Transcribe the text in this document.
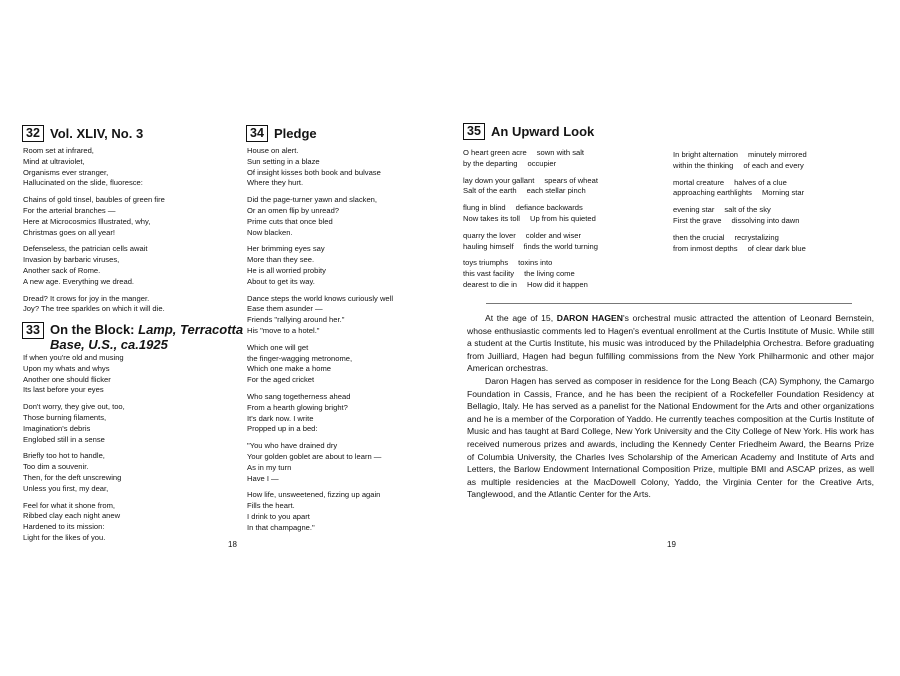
32 Vol. XLIV, No. 3
Room set at infrared,
Mind at ultraviolet,
Organisms ever stranger,
Hallucinated on the slide, fluoresce:
Chains of gold tinsel, baubles of green fire
For the arterial branches —
Here at Microcosmics Illustrated, why,
Christmas goes on all year!
Defenseless, the patrician cells await
Invasion by barbaric viruses,
Another sack of Rome.
A new age. Everything we dread.
Dread? It crows for joy in the manger.
Joy? The tree sparkles on which it will die.
33 On the Block: Lamp, Terracotta
Base, U.S., ca.1925
If when you're old and musing
Upon my whats and whys
Another one should flicker
Its last before your eyes
Don't worry, they give out, too,
Those burning filaments,
Imagination's debris
Englobed still in a sense
Briefly too hot to handle,
Too dim a souvenir.
Then, for the deft unscrewing
Unless you first, my dear,
Feel for what it shone from,
Ribbed clay each night anew
Hardened to its mission:
Light for the likes of you.
34 Pledge
House on alert.
Sun setting in a blaze
Of insight kisses both book and bulvase
Where they hurt.
Did the page-turner yawn and slacken,
Or an omen flip by unread?
Prime cuts that once bled
Now blacken.
Her brimming eyes say
More than they see.
He is all worried probity
About to get its way.
Dance steps the world knows curiously well
Ease them asunder —
Friends "rallying around her."
His "move to a hotel."
Which one will get
the finger-wagging metronome,
Which one make a home
For the aged cricket
Who sang togetherness ahead
From a hearth glowing bright?
It's dark now. I write
Propped up in a bed:
"You who have drained dry
Your golden goblet are about to learn —
As in my turn
Have I —
How life, unsweetened, fizzing up again
Fills the heart.
I drink to you apart
In that champagne."
18
35 An Upward Look
O heart green acre sown with salt
by the departing occupier
lay down your gallant spears of wheat
Salt of the earth each stellar pinch
flung in blind defiance backwards
Now takes its toll Up from his quieted
quarry the lover colder and wiser
hauling himself finds the world turning
toys triumphs toxins into
this vast facility the living come
dearest to die in How did it happen
In bright alternation minutely mirrored
within the thinking of each and every
mortal creature halves of a clue
approaching earthlights Morning star
evening star salt of the sky
First the grave dissolving into dawn
then the crucial recrystalizing
from inmost depths of clear dark blue

At the age of 15, DARON HAGEN's orchestral music attracted the attention of Leonard Bernstein, whose enthusiastic comments led to Hagen's eventual enrollment at the Curtis Institute of Music. While still a student at the Curtis Institute, his music was introduced by the Philadelphia Orchestra. Before graduating from Juilliard, Hagen had begun fulfilling commissions from the New York Philharmonic and other major American orchestras.

Daron Hagen has served as composer in residence for the Long Beach (CA) Symphony, the Camargo Foundation in Cassis, France, and he has been the recipient of a Rockefeller Foundation Residency at Bellagio, Italy. He has served as a panelist for the National Endowment for the Arts and other organizations and he is a member of the Corporation of Yaddo. He currently teaches composition at the Curtis Institute of Music and has taught at Bard College, New York University and the City College of New York. His work has received numerous prizes and awards, including the Kennedy Center Friedheim Award, the Bearns Prize of Columbia University, the Charles Ives Scholarship of the American Academy and Institute of Arts and Letters, the Barlow Endowment International Composition Prize, multiple BMI and ASCAP prizes, as well as multiple residencies at the MacDowell Colony, Yaddo, the Virginia Center for the Creative Arts, Tanglewood, and the Atlantic Center for the Arts.

19
